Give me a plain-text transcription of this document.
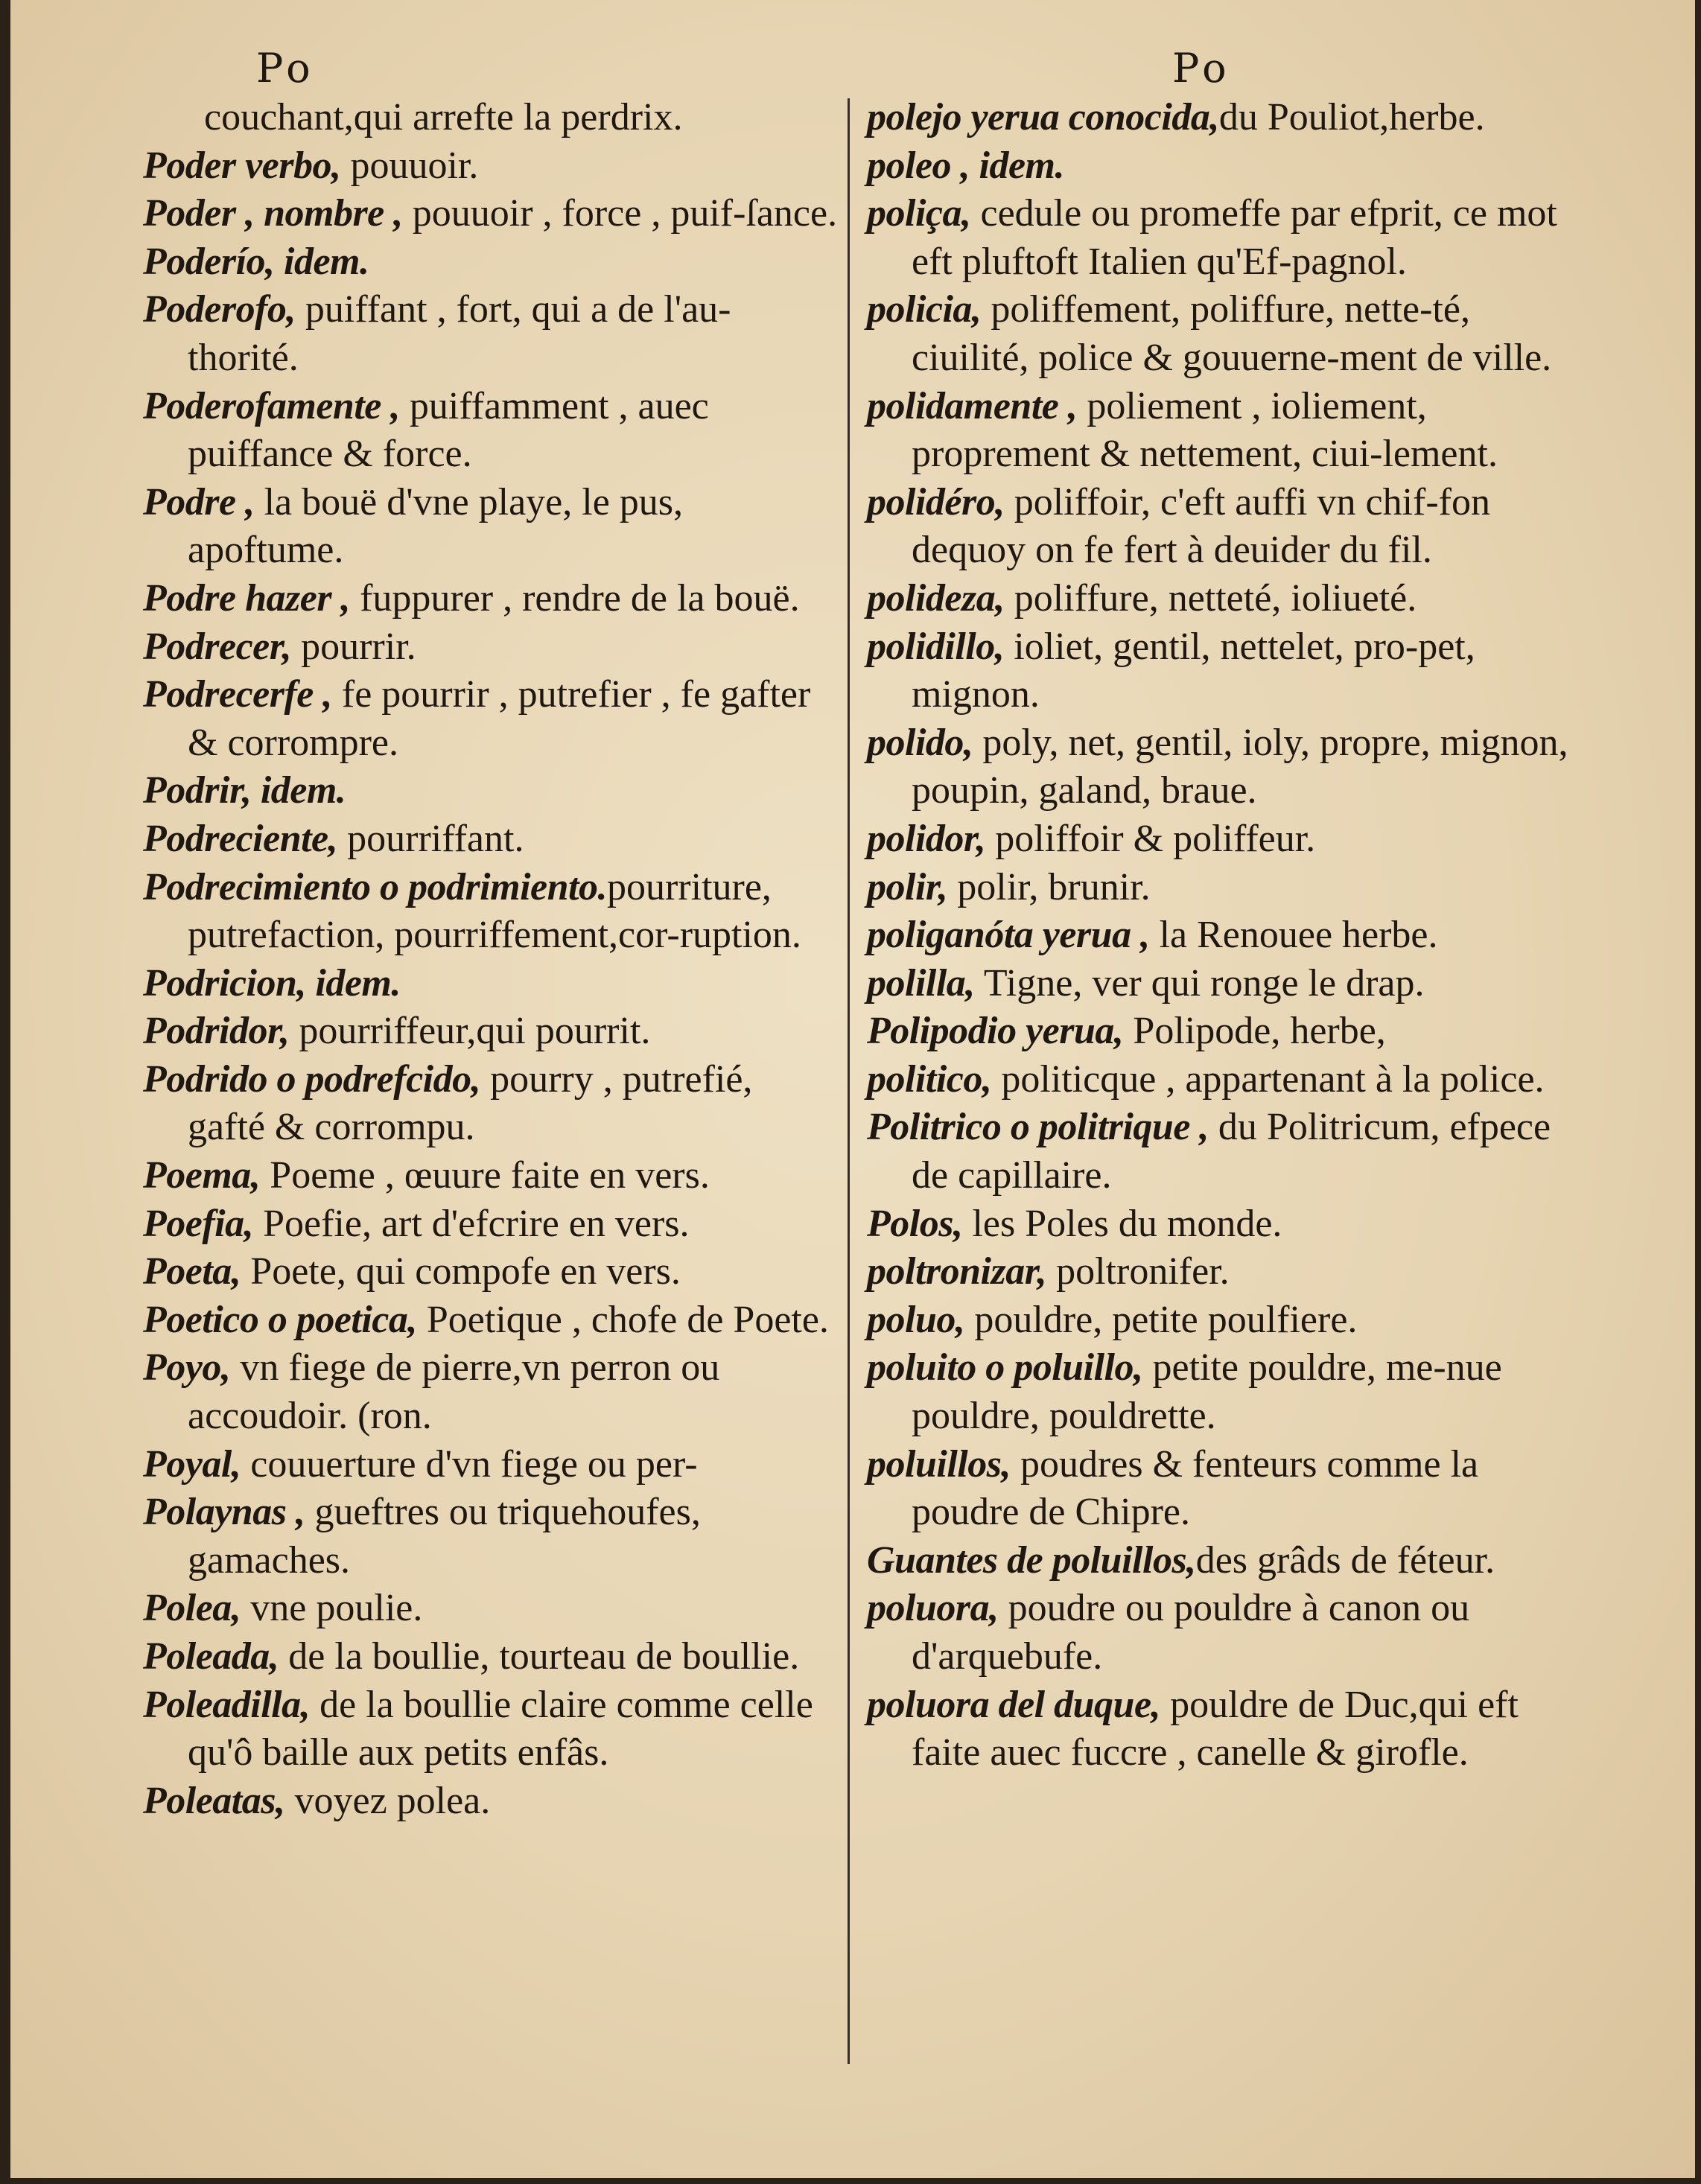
Po	Po

couchant,qui arrefte la perdrix.

Poder verbo, pouuoir.

Poder , nombre , pouuoir , force , puif-ſance.

Poderío, idem.

Poderofo, puiffant , fort, qui a de l'au-thorité.

Poderofamente , puiffamment , auec puiffance & force.

Podre , la bouë d'vne playe, le pus, apoftume.

Podre hazer , fuppurer , rendre de la bouë.

Podrecer, pourrir.

Podrecerfe , fe pourrir , putrefier , fe gafter & corrompre.

Podrir, idem.

Podreciente, pourriffant.

Podrecimiento o podrimiento.pourriture, putrefaction, pourriffement,cor-ruption.

Podricion, idem.

Podridor, pourriffeur,qui pourrit.

Podrido o podrefcido, pourry , putrefié, gafté & corrompu.

Poema, Poeme , œuure faite en vers.

Poefia, Poefie, art d'efcrire en vers.

Poeta, Poete, qui compofe en vers.

Poetico o poetica, Poetique , chofe de Poete.

Poyo, vn fiege de pierre,vn perron ou accoudoir. (ron.

Poyal, couuerture d'vn fiege ou per-

Polaynas , gueftres ou triquehoufes, gamaches.

Polea, vne poulie.

Poleada, de la boullie, tourteau de boullie.

Poleadilla, de la boullie claire comme celle qu'ô baille aux petits enfâs.

Poleatas, voyez polea.

polejo yerua conocida,du Pouliot,herbe.

poleo , idem.

poliça, cedule ou promeffe par efprit, ce mot eft pluftoft Italien qu'Ef-pagnol.

policia, poliffement, poliffure, nette-té, ciuilité, police & gouuerne-ment de ville.

polidamente , poliement , ioliement, proprement & nettement, ciui-lement.

polidéro, poliffoir, c'eft auffi vn chif-fon dequoy on fe fert à deuider du fil.

polideza, poliffure, netteté, ioliueté.

polidillo, ioliet, gentil, nettelet, pro-pet, mignon.

polido, poly, net, gentil, ioly, propre, mignon, poupin, galand, braue.

polidor, poliffoir & poliffeur.

polir, polir, brunir.

poliganóta yerua , la Renouee herbe.

polilla, Tigne, ver qui ronge le drap.

Polipodio yerua, Polipode, herbe,

politico, politicque , appartenant à la police.

Politrico o politrique , du Politricum, efpece de capillaire.

Polos, les Poles du monde.

poltronizar, poltronifer.

poluo, pouldre, petite poulfiere.

poluito o poluillo, petite pouldre, me-nue pouldre, pouldrette.

poluillos, poudres & fenteurs comme la poudre de Chipre.

Guantes de poluillos,des grâds de féteur.

poluora, poudre ou pouldre à canon ou d'arquebufe.

poluora del duque, pouldre de Duc,qui eft faite auec fuccre , canelle & girofle.
